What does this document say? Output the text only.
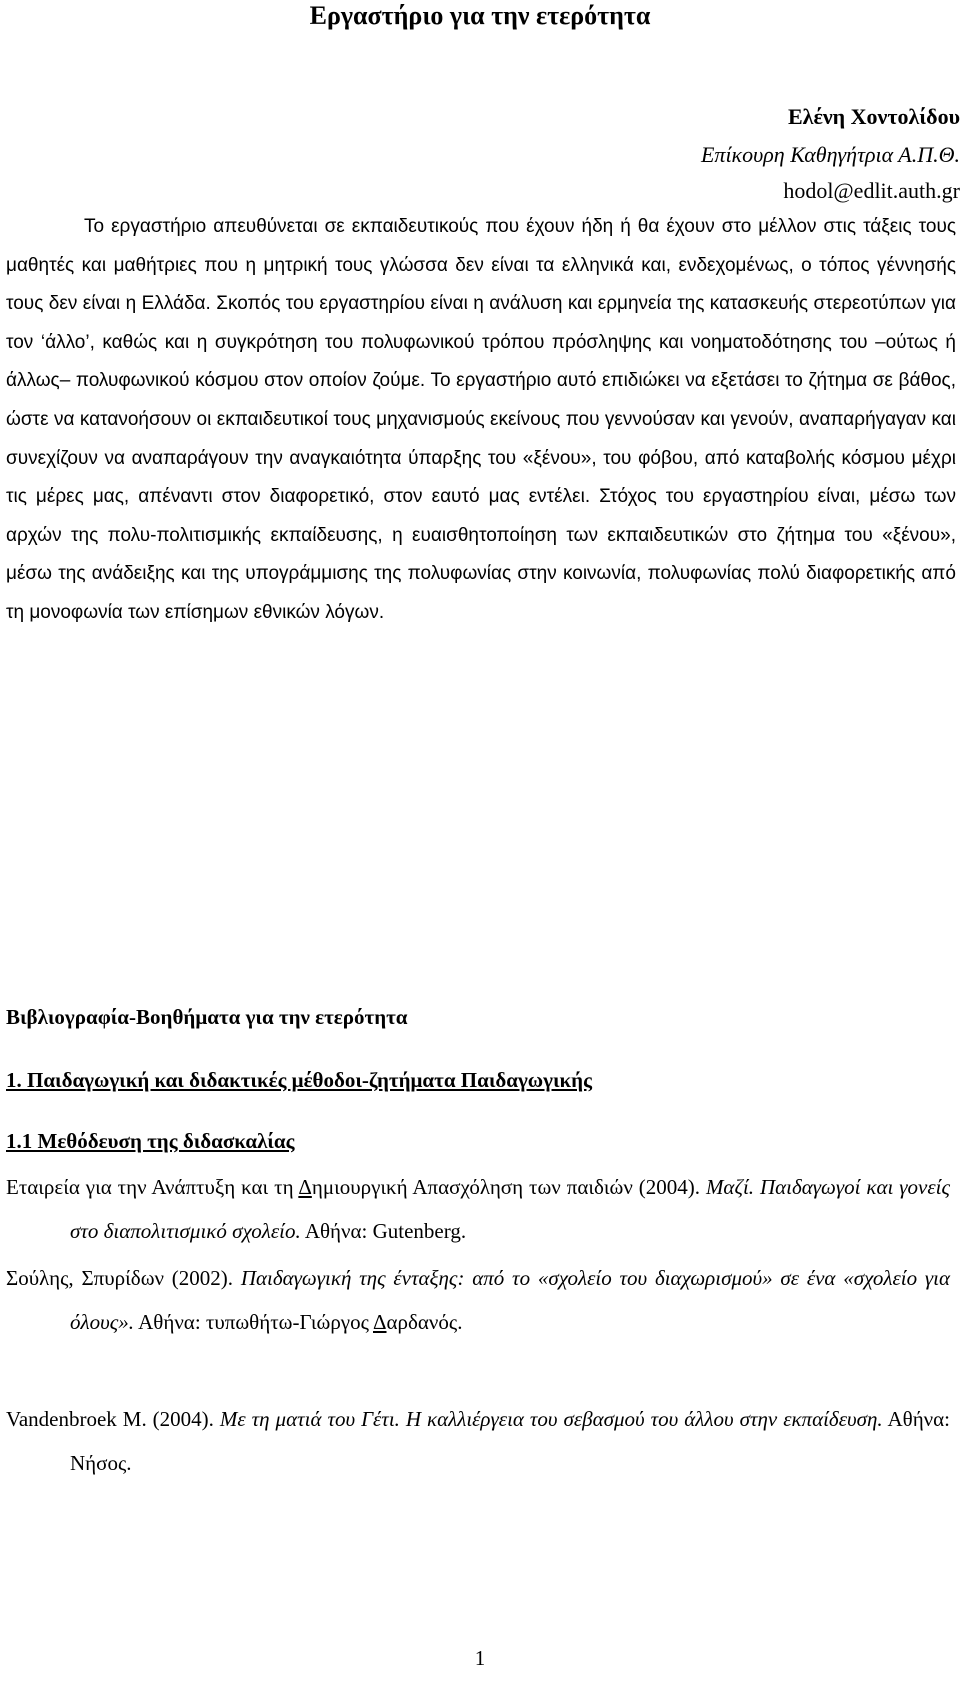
Εργαστήριο για την ετερότητα
Ελένη Χοντολίδου
Επίκουρη Καθηγήτρια Α.Π.Θ.
hodol@edlit.auth.gr
Το εργαστήριο απευθύνεται σε εκπαιδευτικούς που έχουν ήδη ή θα έχουν στο μέλλον στις τάξεις τους μαθητές και μαθήτριες που η μητρική τους γλώσσα δεν είναι τα ελληνικά και, ενδεχομένως, ο τόπος γέννησής τους δεν είναι η Ελλάδα. Σκοπός του εργαστηρίου είναι η ανάλυση και ερμηνεία της κατασκευής στερεοτύπων για τον ‘άλλο’, καθώς και η συγκρότηση του πολυφωνικού τρόπου πρόσληψης και νοηματοδότησης του –ούτως ή άλλως– πολυφωνικού κόσμου στον οποίον ζούμε. Το εργαστήριο αυτό επιδιώκει να εξετάσει το ζήτημα σε βάθος, ώστε να κατανοήσουν οι εκπαιδευτικοί τους μηχανισμούς εκείνους που γεννούσαν και γενούν, αναπαρήγαγαν και συνεχίζουν να αναπαράγουν την αναγκαιότητα ύπαρξης του «ξένου», του φόβου, από καταβολής κόσμου μέχρι τις μέρες μας, απέναντι στον διαφορετικό, στον εαυτό μας εντέλει. Στόχος του εργαστηρίου είναι, μέσω των αρχών της πολυ-πολιτισμικής εκπαίδευσης, η ευαισθητοποίηση των εκπαιδευτικών στο ζήτημα του «ξένου», μέσω της ανάδειξης και της υπογράμμισης της πολυφωνίας στην κοινωνία, πολυφωνίας πολύ διαφορετικής από τη μονοφωνία των επίσημων εθνικών λόγων.
Βιβλιογραφία-Βοηθήματα για την ετερότητα
1. Παιδαγωγική και διδακτικές μέθοδοι-ζητήματα Παιδαγωγικής
1.1 Μεθόδευση της διδασκαλίας
Εταιρεία για την Ανάπτυξη και τη Δημιουργική Απασχόληση των παιδιών (2004). Μαζί. Παιδαγωγοί και γονείς στο διαπολιτισμικό σχολείο. Αθήνα: Gutenberg.
Σούλης, Σπυρίδων (2002). Παιδαγωγική της ένταξης: από το «σχολείο του διαχωρισμού» σε ένα «σχολείο για όλους». Αθήνα: τυπωθήτω-Γιώργος Δαρδανός.
Vandenbroek M. (2004). Με τη ματιά του Γέτι. Η καλλιέργεια του σεβασμού του άλλου στην εκπαίδευση. Αθήνα: Νήσος.
1
